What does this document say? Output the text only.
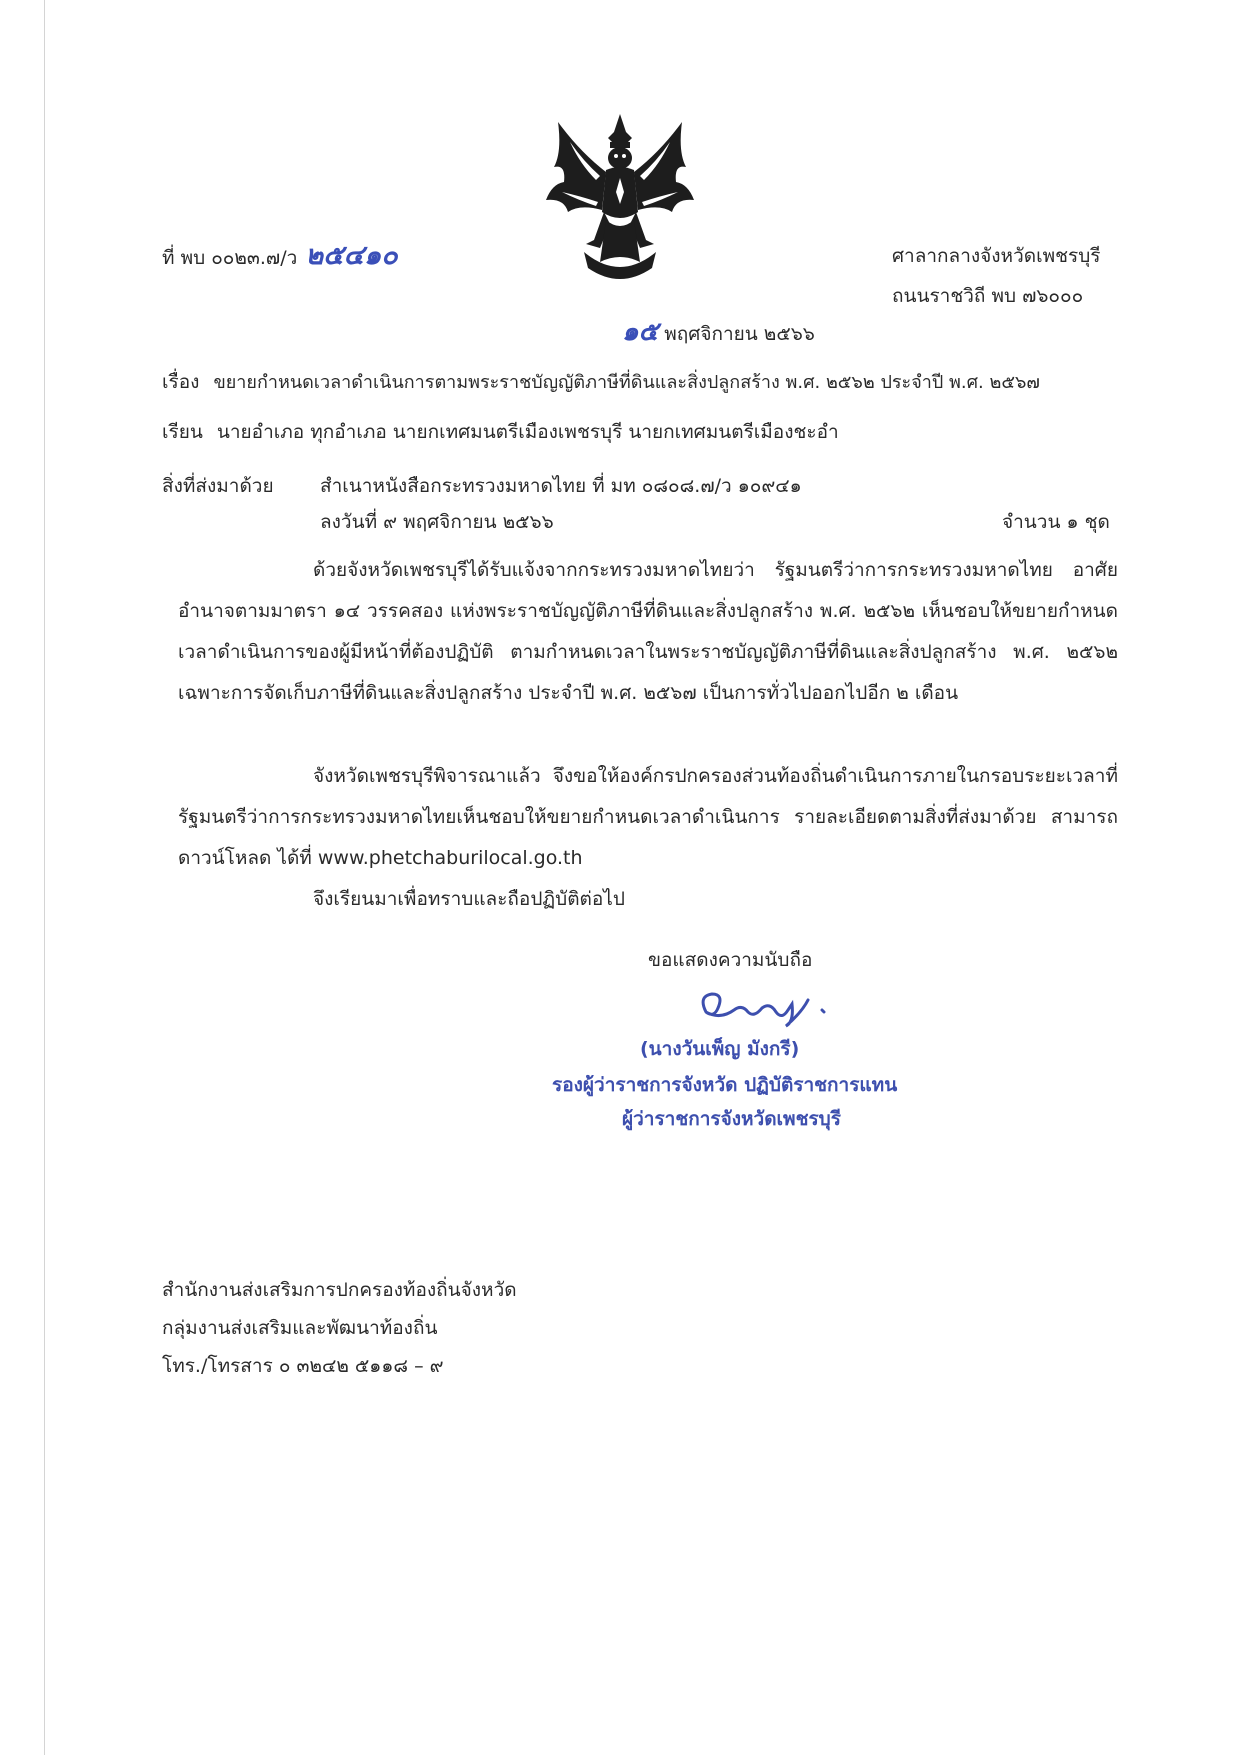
ที่ พบ ๐๐๒๓.๗/ว ๒๕๔๑๐	ศาลากลางจังหวัดเพชรบุรี
ถนนราชวิถี พบ ๗๖๐๐๐
๑๕ พฤศจิกายน ๒๕๖๖
เรื่อง ขยายกำหนดเวลาดำเนินการตามพระราชบัญญัติภาษีที่ดินและสิ่งปลูกสร้าง พ.ศ. ๒๕๖๒ ประจำปี พ.ศ. ๒๕๖๗
เรียน นายอำเภอ ทุกอำเภอ นายกเทศมนตรีเมืองเพชรบุรี นายกเทศมนตรีเมืองชะอำ
สิ่งที่ส่งมาด้วย สำเนาหนังสือกระทรวงมหาดไทย ที่ มท ๐๘๐๘.๗/ว ๑๐๙๔๑
ลงวันที่ ๙ พฤศจิกายน ๒๕๖๖	จำนวน ๑ ชุด
ด้วยจังหวัดเพชรบุรีได้รับแจ้งจากกระทรวงมหาดไทยว่า รัฐมนตรีว่าการกระทรวงมหาดไทย อาศัยอำนาจตามมาตรา ๑๔ วรรคสอง แห่งพระราชบัญญัติภาษีที่ดินและสิ่งปลูกสร้าง พ.ศ. ๒๕๖๒ เห็นชอบให้ขยายกำหนดเวลาดำเนินการของผู้มีหน้าที่ต้องปฏิบัติ ตามกำหนดเวลาในพระราชบัญญัติภาษีที่ดินและสิ่งปลูกสร้าง พ.ศ. ๒๕๖๒ เฉพาะการจัดเก็บภาษีที่ดินและสิ่งปลูกสร้าง ประจำปี พ.ศ. ๒๕๖๗ เป็นการทั่วไปออกไปอีก ๒ เดือน
จังหวัดเพชรบุรีพิจารณาแล้ว จึงขอให้องค์กรปกครองส่วนท้องถิ่นดำเนินการภายในกรอบระยะเวลาที่รัฐมนตรีว่าการกระทรวงมหาดไทยเห็นชอบให้ขยายกำหนดเวลาดำเนินการ รายละเอียดตามสิ่งที่ส่งมาด้วย สามารถดาวน์โหลด ได้ที่ www.phetchaburilocal.go.th
จึงเรียนมาเพื่อทราบและถือปฏิบัติต่อไป
ขอแสดงความนับถือ
(นางวันเพ็ญ มังกรี)
รองผู้ว่าราชการจังหวัด ปฏิบัติราชการแทน
ผู้ว่าราชการจังหวัดเพชรบุรี
สำนักงานส่งเสริมการปกครองท้องถิ่นจังหวัด
กลุ่มงานส่งเสริมและพัฒนาท้องถิ่น
โทร./โทรสาร ๐ ๓๒๔๒ ๕๑๑๘ – ๙
